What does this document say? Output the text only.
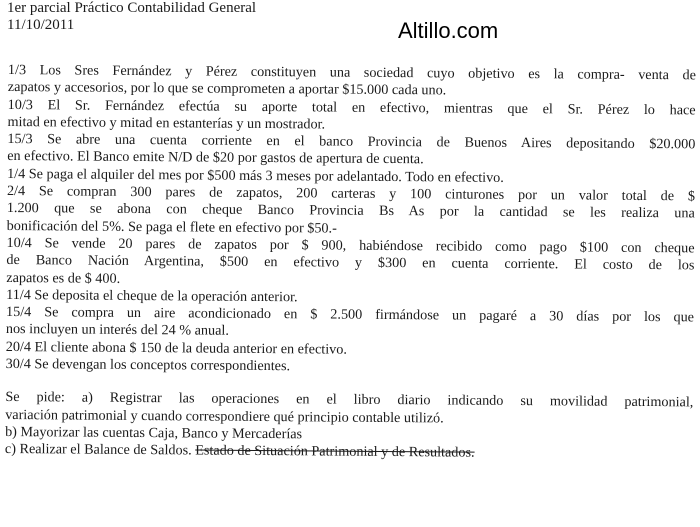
1er parcial Práctico Contabilidad General
11/10/2011	Altillo.com
1/3 Los Sres Fernández y Pérez constituyen una sociedad cuyo objetivo es la compra- venta de
zapatos y accesorios, por lo que se comprometen a aportar $15.000 cada uno.
10/3 El Sr. Fernández efectúa su aporte total en efectivo, mientras que el Sr. Pérez lo hace
mitad en efectivo y mitad en estanterías y un mostrador.
15/3 Se abre una cuenta corriente en el banco Provincia de Buenos Aires depositando $20.000
en efectivo. El Banco emite N/D de $20 por gastos de apertura de cuenta.
1/4 Se paga el alquiler del mes por $500 más 3 meses por adelantado. Todo en efectivo.
2/4 Se compran 300 pares de zapatos, 200 carteras y 100 cinturones por un valor total de $
1.200 que se abona con cheque Banco Provincia Bs As por la cantidad se les realiza una
bonificación del 5%. Se paga el flete en efectivo por $50.-
10/4 Se vende 20 pares de zapatos por $ 900, habiéndose recibido como pago $100 con cheque
de Banco Nación Argentina, $500 en efectivo y $300 en cuenta corriente. El costo de los
zapatos es de $ 400.
11/4 Se deposita el cheque de la operación anterior.
15/4 Se compra un aire acondicionado en $ 2.500 firmándose un pagaré a 30 días por los que
nos incluyen un interés del 24 % anual.
20/4 El cliente abona $ 150 de la deuda anterior en efectivo.
30/4 Se devengan los conceptos correspondientes.
Se pide: a) Registrar las operaciones en el libro diario indicando su movilidad patrimonial,
variación patrimonial y cuando correspondiere qué principio contable utilizó.
b) Mayorizar las cuentas Caja, Banco y Mercaderías
c) Realizar el Balance de Saldos. Estado de Situación Patrimonial y de Resultados.
